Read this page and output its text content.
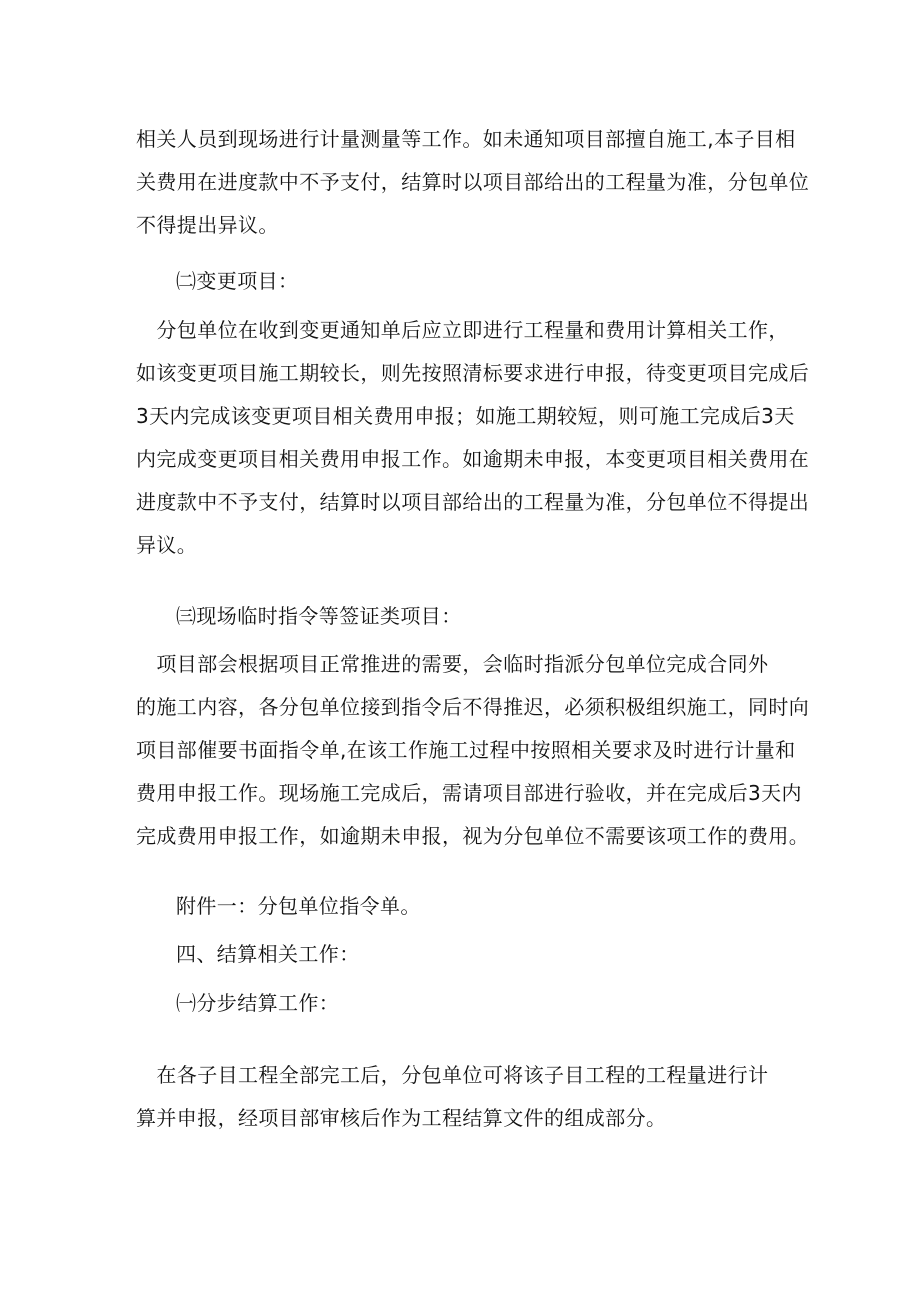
相关人员到现场进行计量测量等工作。如未通知项目部擅自施工,本子目相
关费用在进度款中不予支付，结算时以项目部给出的工程量为准，分包单位
不得提出异议。
㈡变更项目：
　分包单位在收到变更通知单后应立即进行工程量和费用计算相关工作，
如该变更项目施工期较长，则先按照清标要求进行申报，待变更项目完成后
3天内完成该变更项目相关费用申报；如施工期较短，则可施工完成后3天
内完成变更项目相关费用申报工作。如逾期未申报，本变更项目相关费用在
进度款中不予支付，结算时以项目部给出的工程量为准，分包单位不得提出
异议。
㈢现场临时指令等签证类项目：
　项目部会根据项目正常推进的需要，会临时指派分包单位完成合同外
的施工内容，各分包单位接到指令后不得推迟，必须积极组织施工，同时向
项目部催要书面指令单,在该工作施工过程中按照相关要求及时进行计量和
费用申报工作。现场施工完成后，需请项目部进行验收，并在完成后3天内
完成费用申报工作，如逾期未申报，视为分包单位不需要该项工作的费用。
附件一：分包单位指令单。
四、结算相关工作：
㈠分步结算工作：
　在各子目工程全部完工后，分包单位可将该子目工程的工程量进行计
算并申报，经项目部审核后作为工程结算文件的组成部分。
